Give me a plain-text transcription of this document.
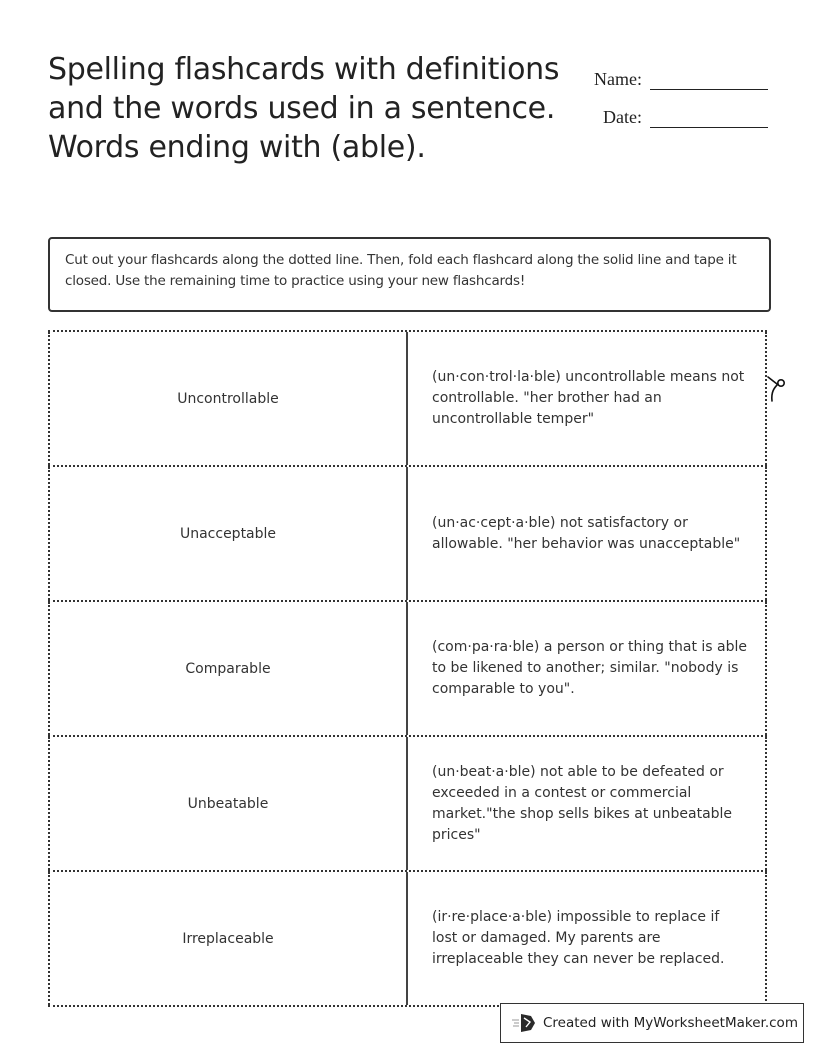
Spelling flashcards with definitions and the words used in a sentence. Words ending with (able).
Name:
Date:
Cut out your flashcards along the dotted line. Then, fold each flashcard along the solid line and tape it closed. Use the remaining time to practice using your new flashcards!
Uncontrollable
(un·con·trol·la·ble) uncontrollable means not controllable. "her brother had an uncontrollable temper"
Unacceptable
(un·ac·cept·a·ble) not satisfactory or allowable. "her behavior was unacceptable"
Comparable
(com·pa·ra·ble) a person or thing that is able to be likened to another; similar. "nobody is comparable to you".
Unbeatable
(un·beat·a·ble) not able to be defeated or exceeded in a contest or commercial market."the shop sells bikes at unbeatable prices"
Irreplaceable
(ir·re·place·a·ble) impossible to replace if lost or damaged. My parents are irreplaceable they can never be replaced.
Created with MyWorksheetMaker.com
